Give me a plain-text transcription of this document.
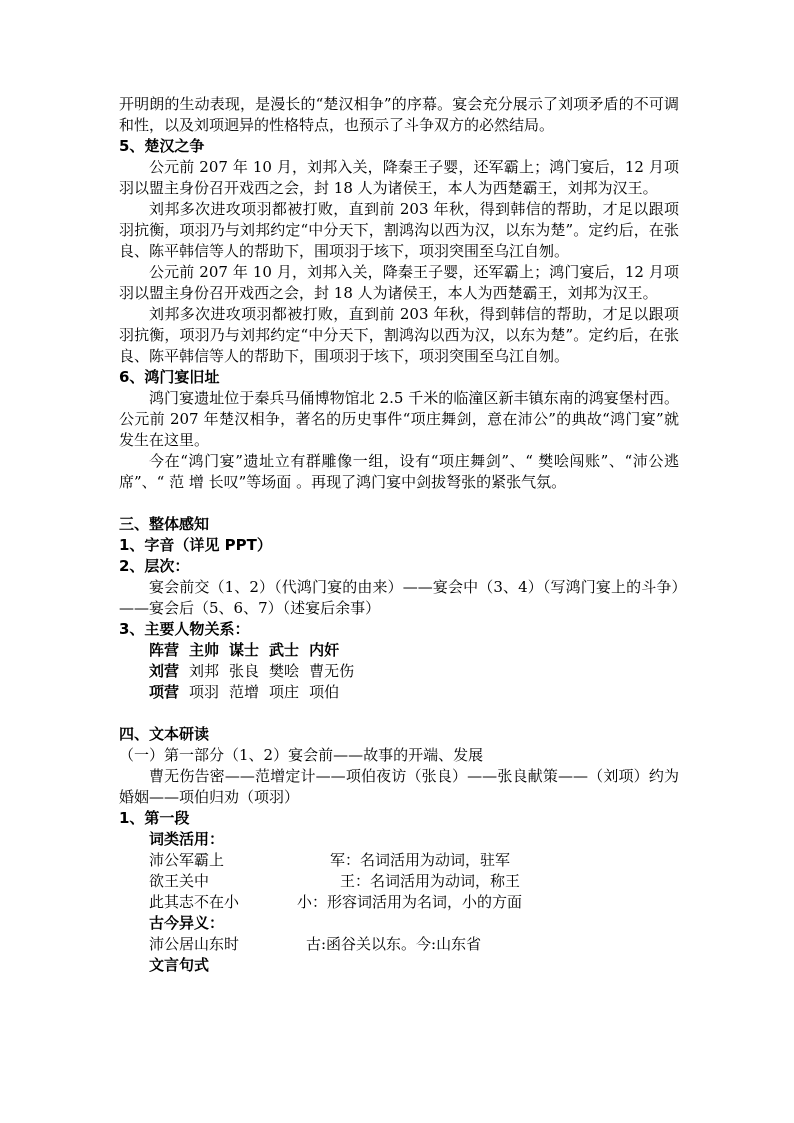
开明朗的生动表现，是漫长的“楚汉相争”的序幕。宴会充分展示了刘项矛盾的不可调和性，以及刘项迥异的性格特点，也预示了斗争双方的必然结局。

5、楚汉之争

公元前 207 年 10 月，刘邦入关，降秦王子婴，还军霸上；鸿门宴后，12 月项羽以盟主身份召开戏西之会，封 18 人为诸侯王，本人为西楚霸王，刘邦为汉王。

刘邦多次进攻项羽都被打败，直到前 203 年秋，得到韩信的帮助，才足以跟项羽抗衡，项羽乃与刘邦约定“中分天下，割鸿沟以西为汉，以东为楚”。定约后，在张良、陈平韩信等人的帮助下，围项羽于垓下，项羽突围至乌江自刎。

公元前 207 年 10 月，刘邦入关，降秦王子婴，还军霸上；鸿门宴后，12 月项羽以盟主身份召开戏西之会，封 18 人为诸侯王，本人为西楚霸王，刘邦为汉王。

刘邦多次进攻项羽都被打败，直到前 203 年秋，得到韩信的帮助，才足以跟项羽抗衡，项羽乃与刘邦约定“中分天下，割鸿沟以西为汉，以东为楚”。定约后，在张良、陈平韩信等人的帮助下，围项羽于垓下，项羽突围至乌江自刎。

6、鸿门宴旧址

鸿门宴遗址位于秦兵马俑博物馆北 2.5 千米的临潼区新丰镇东南的鸿宴堡村西。公元前 207 年楚汉相争，著名的历史事件“项庄舞剑，意在沛公”的典故“鸿门宴”就发生在这里。

今在“鸿门宴”遗址立有群雕像一组，设有“项庄舞剑”、“ 樊哙闯账”、“沛公逃席”、“ 范 增 长叹”等场面 。再现了鸿门宴中剑拔弩张的紧张气氛。

三、整体感知

1、字音（详见 PPT）

2、层次：

宴会前交（1、2）（代鸿门宴的由来）——宴会中（3、4）（写鸿门宴上的斗争）——宴会后（5、6、7）（述宴后余事）

3、主要人物关系：

阵营	主帅	谋士	武士	内奸
刘营	刘邦	张良	樊哙	曹无伤
项营	项羽	范增	项庄	项伯

四、文本研读

（一）第一部分（1、2）宴会前——故事的开端、发展

曹无伤告密——范增定计——项伯夜访（张良）——张良献策——（刘项）约为婚姻——项伯归劝（项羽）

1、第一段

词类活用：

沛公军霸上	军：名词活用为动词，驻军
欲王关中	王：名词活用为动词，称王
此其志不在小	小：形容词活用为名词，小的方面

古今异义：

沛公居山东时	古:函谷关以东。今:山东省

文言句式
